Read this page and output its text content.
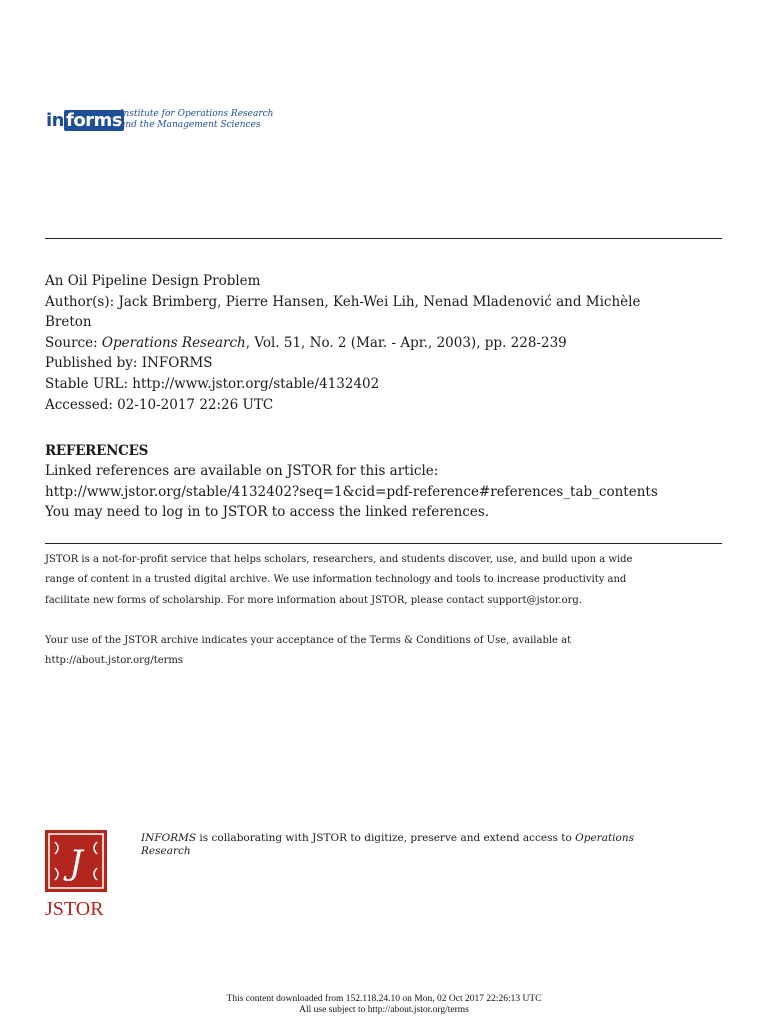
in forms
Institute for Operations Research
and the Management Sciences
An Oil Pipeline Design Problem
Author(s): Jack Brimberg, Pierre Hansen, Keh-Wei Lih, Nenad Mladenović and Michèle
Breton
Source: Operations Research, Vol. 51, No. 2 (Mar. - Apr., 2003), pp. 228-239
Published by: INFORMS
Stable URL: http://www.jstor.org/stable/4132402
Accessed: 02-10-2017 22:26 UTC
REFERENCES
Linked references are available on JSTOR for this article:
http://www.jstor.org/stable/4132402?seq=1&cid=pdf-reference#references_tab_contents
You may need to log in to JSTOR to access the linked references.
JSTOR is a not-for-profit service that helps scholars, researchers, and students discover, use, and build upon a wide
range of content in a trusted digital archive. We use information technology and tools to increase productivity and
facilitate new forms of scholarship. For more information about JSTOR, please contact support@jstor.org.
Your use of the JSTOR archive indicates your acceptance of the Terms & Conditions of Use, available at
http://about.jstor.org/terms
J
JSTOR
INFORMS is collaborating with JSTOR to digitize, preserve and extend access to Operations Research
This content downloaded from 152.118.24.10 on Mon, 02 Oct 2017 22:26:13 UTC
All use subject to http://about.jstor.org/terms
